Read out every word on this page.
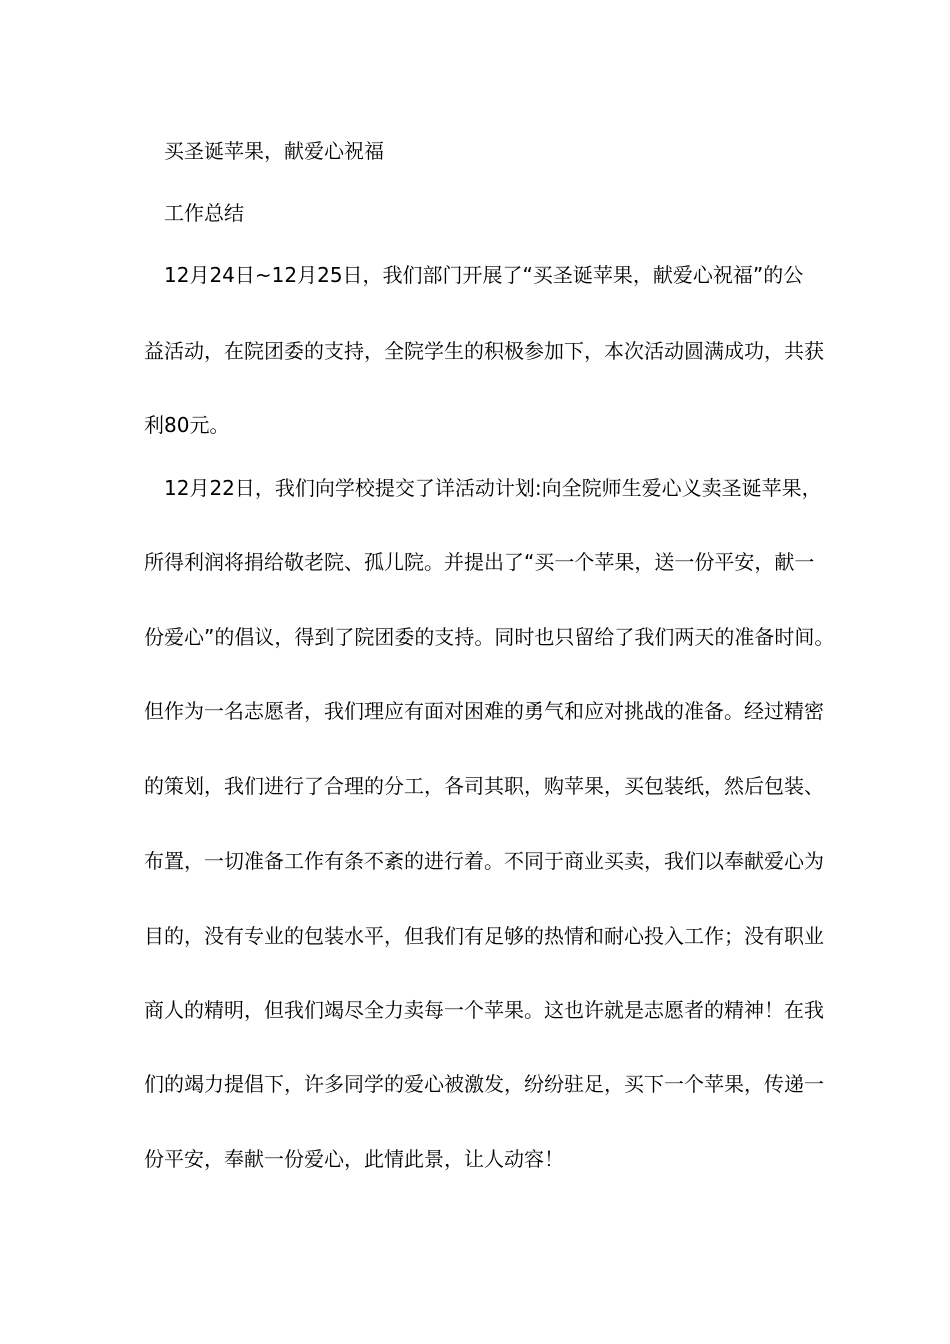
买圣诞苹果，献爱心祝福
工作总结
12月24日~12月25日，我们部门开展了“买圣诞苹果，献爱心祝福”的公
益活动，在院团委的支持，全院学生的积极参加下，本次活动圆满成功，共获
利80元。
12月22日，我们向学校提交了详活动计划:向全院师生爱心义卖圣诞苹果，
所得利润将捐给敬老院、孤儿院。并提出了“买一个苹果，送一份平安，献一
份爱心”的倡议，得到了院团委的支持。同时也只留给了我们两天的准备时间。
但作为一名志愿者，我们理应有面对困难的勇气和应对挑战的准备。经过精密
的策划，我们进行了合理的分工，各司其职，购苹果，买包装纸，然后包装、
布置，一切准备工作有条不紊的进行着。不同于商业买卖，我们以奉献爱心为
目的，没有专业的包装水平，但我们有足够的热情和耐心投入工作；没有职业
商人的精明，但我们竭尽全力卖每一个苹果。这也许就是志愿者的精神！在我
们的竭力提倡下，许多同学的爱心被激发，纷纷驻足，买下一个苹果，传递一
份平安，奉献一份爱心，此情此景，让人动容！
